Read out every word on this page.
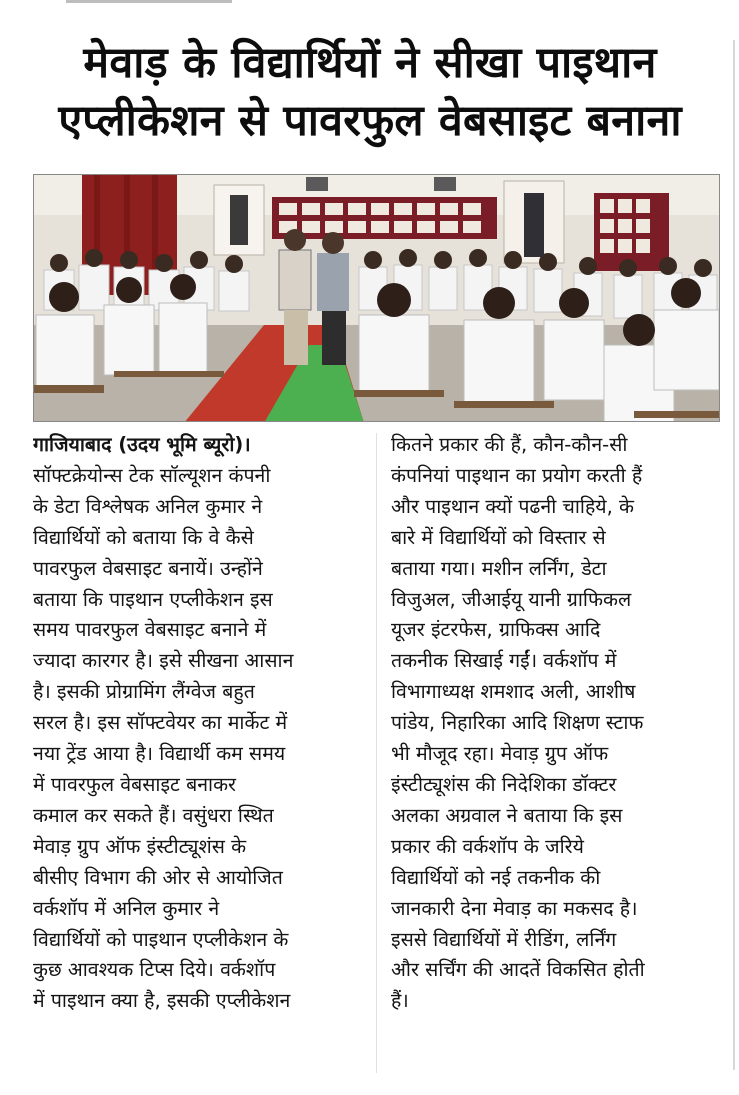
मेवाड़ के विद्यार्थियों ने सीखा पाइथान
एप्लीकेशन से पावरफुल वेबसाइट बनाना
गाजियाबाद (उदय भूमि ब्यूरो)।
सॉफ्टक्रेयोन्स टेक सॉल्यूशन कंपनी
के डेटा विश्लेषक अनिल कुमार ने
विद्यार्थियों को बताया कि वे कैसे
पावरफुल वेबसाइट बनायें। उन्होंने
बताया कि पाइथान एप्लीकेशन इस
समय पावरफुल वेबसाइट बनाने में
ज्यादा कारगर है। इसे सीखना आसान
है। इसकी प्रोग्रामिंग लैंग्वेज बहुत
सरल है। इस सॉफ्टवेयर का मार्केट में
नया ट्रेंड आया है। विद्यार्थी कम समय
में पावरफुल वेबसाइट बनाकर
कमाल कर सकते हैं। वसुंधरा स्थित
मेवाड़ ग्रुप ऑफ इंस्टीट्यूशंस के
बीसीए विभाग की ओर से आयोजित
वर्कशॉप में अनिल कुमार ने
विद्यार्थियों को पाइथान एप्लीकेशन के
कुछ आवश्यक टिप्स दिये। वर्कशॉप
में पाइथान क्या है, इसकी एप्लीकेशन
कितने प्रकार की हैं, कौन-कौन-सी
कंपनियां पाइथान का प्रयोग करती हैं
और पाइथान क्यों पढनी चाहिये, के
बारे में विद्यार्थियों को विस्तार से
बताया गया। मशीन लर्निंग, डेटा
विजुअल, जीआईयू यानी ग्राफिकल
यूजर इंटरफेस, ग्राफिक्स आदि
तकनीक सिखाई गईं। वर्कशॉप में
विभागाध्यक्ष शमशाद अली, आशीष
पांडेय, निहारिका आदि शिक्षण स्टाफ
भी मौजूद रहा। मेवाड़ ग्रुप ऑफ
इंस्टीट्यूशंस की निदेशिका डॉक्टर
अलका अग्रवाल ने बताया कि इस
प्रकार की वर्कशॉप के जरिये
विद्यार्थियों को नई तकनीक की
जानकारी देना मेवाड़ का मकसद है।
इससे विद्यार्थियों में रीडिंग, लर्निंग
और सर्चिंग की आदतें विकसित होती
हैं।
